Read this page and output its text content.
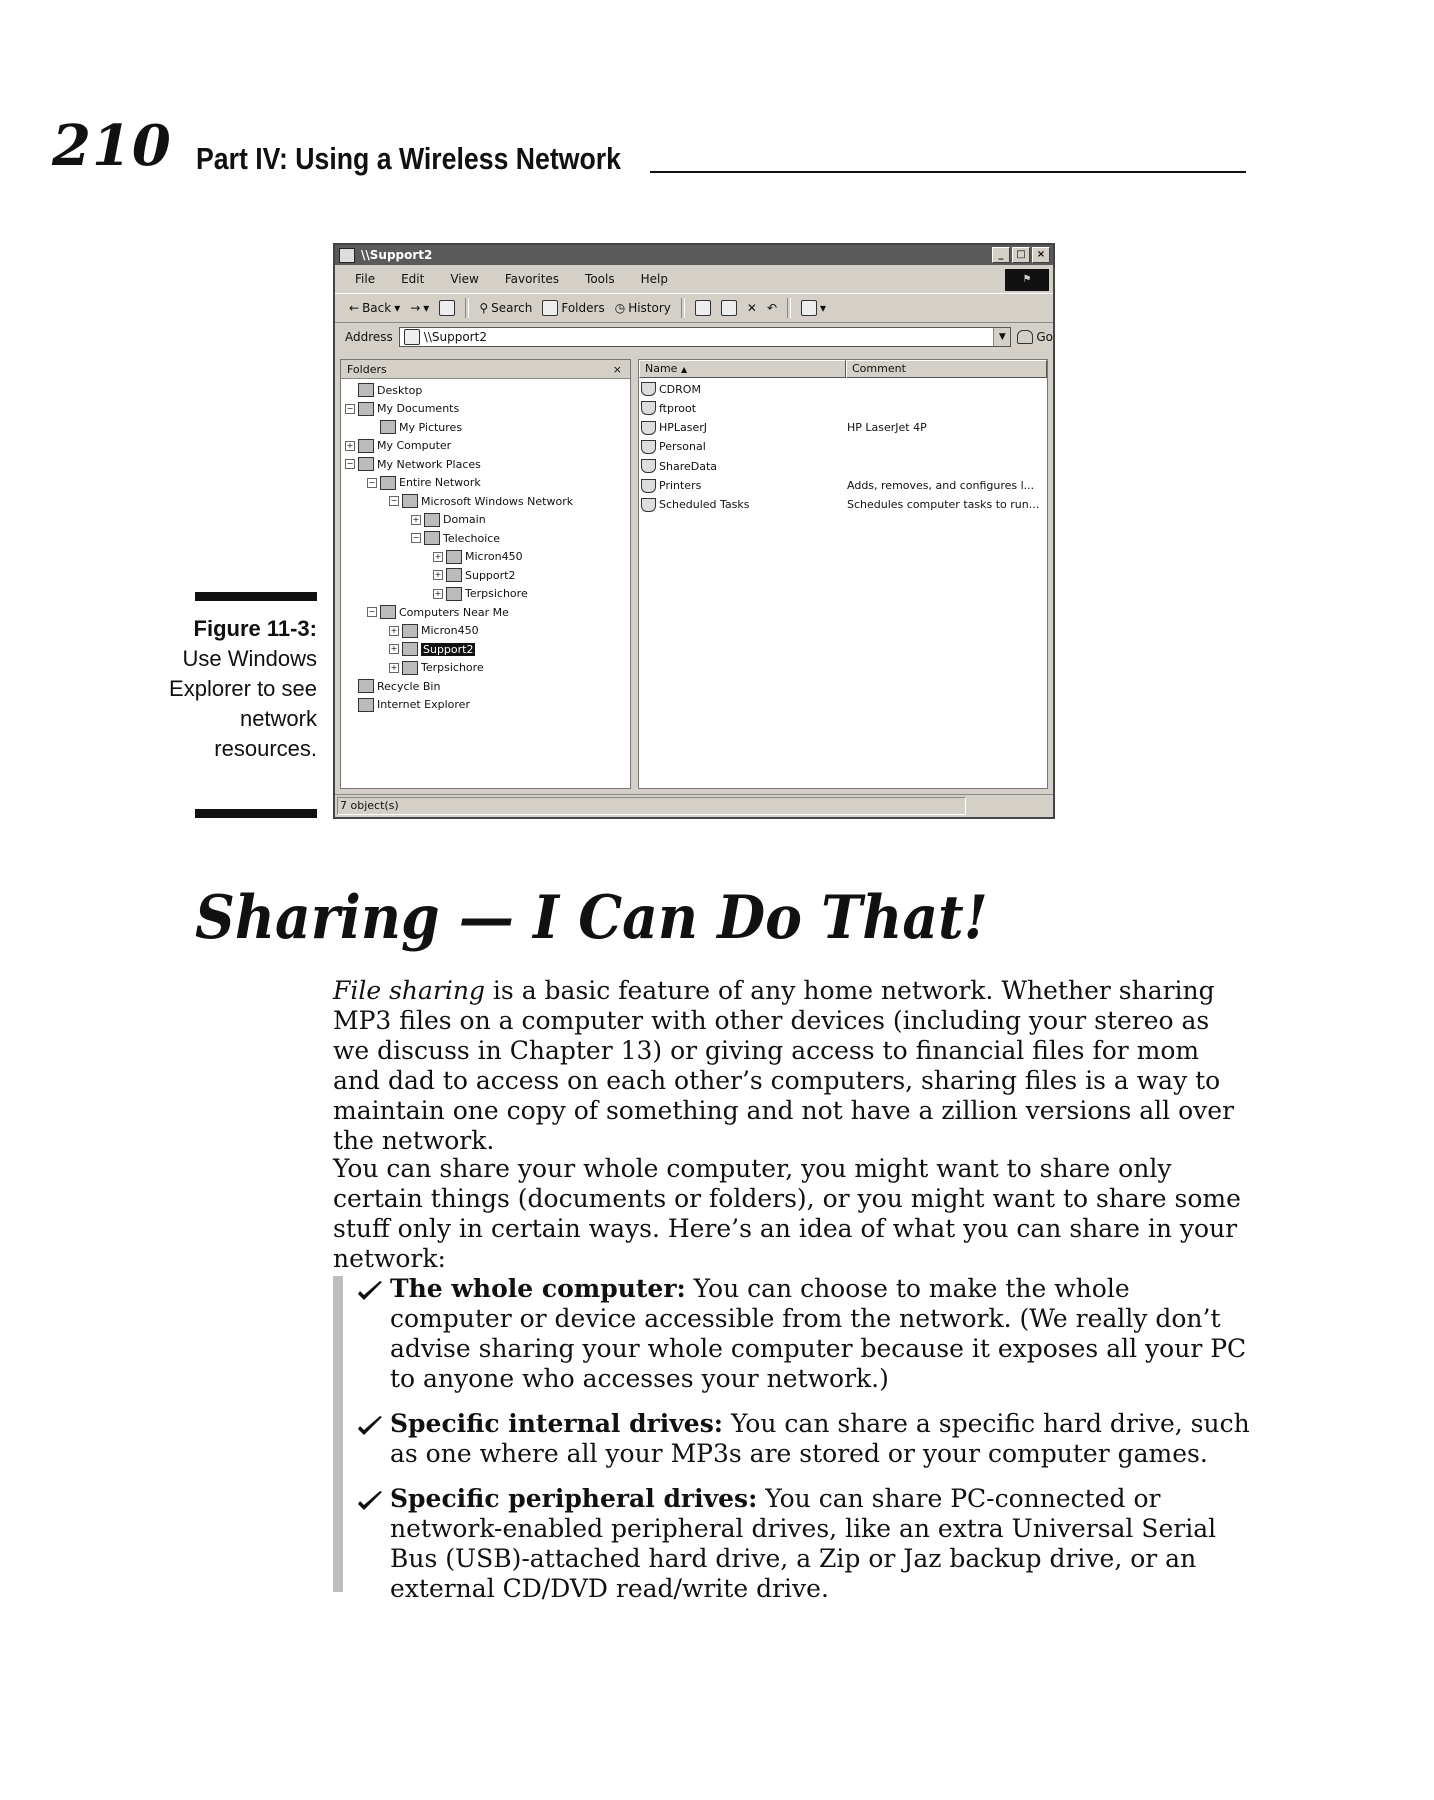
210 Part IV: Using a Wireless Network
Figure 11-3:
Use Windows Explorer to see network resources.
\\Support2	_	□	×
File Edit View Favorites Tools Help	⚑
← Back ▾ → ▾	⚲ Search Folders ◷ History	✕ ↶	▾
Address	\\Support2	▼	Go
Folders	×
Desktop
− My Documents
My Pictures
+ My Computer
− My Network Places
− Entire Network
− Microsoft Windows Network
+ Domain
− Telechoice
+ Micron450
+ Support2
+ Terpsichore
− Computers Near Me
+ Micron450
+ Support2
+ Terpsichore
Recycle Bin
Internet Explorer
Name ▲	Comment
CDROM
ftproot
HPLaserJ	HP LaserJet 4P
Personal
ShareData
Printers	Adds, removes, and configures l...
Scheduled Tasks	Schedules computer tasks to run...
7 object(s)
Sharing — I Can Do That!
File sharing is a basic feature of any home network. Whether sharing MP3 files on a computer with other devices (including your stereo as we discuss in Chapter 13) or giving access to financial files for mom and dad to access on each other’s computers, sharing files is a way to maintain one copy of something and not have a zillion versions all over the network.
You can share your whole computer, you might want to share only certain things (documents or folders), or you might want to share some stuff only in certain ways. Here’s an idea of what you can share in your network:
The whole computer: You can choose to make the whole computer or device accessible from the network. (We really don’t advise sharing your whole computer because it exposes all your PC to anyone who accesses your network.)
Specific internal drives: You can share a specific hard drive, such as one where all your MP3s are stored or your computer games.
Specific peripheral drives: You can share PC-connected or network-enabled peripheral drives, like an extra Universal Serial Bus (USB)-attached hard drive, a Zip or Jaz backup drive, or an external CD/DVD read/write drive.
